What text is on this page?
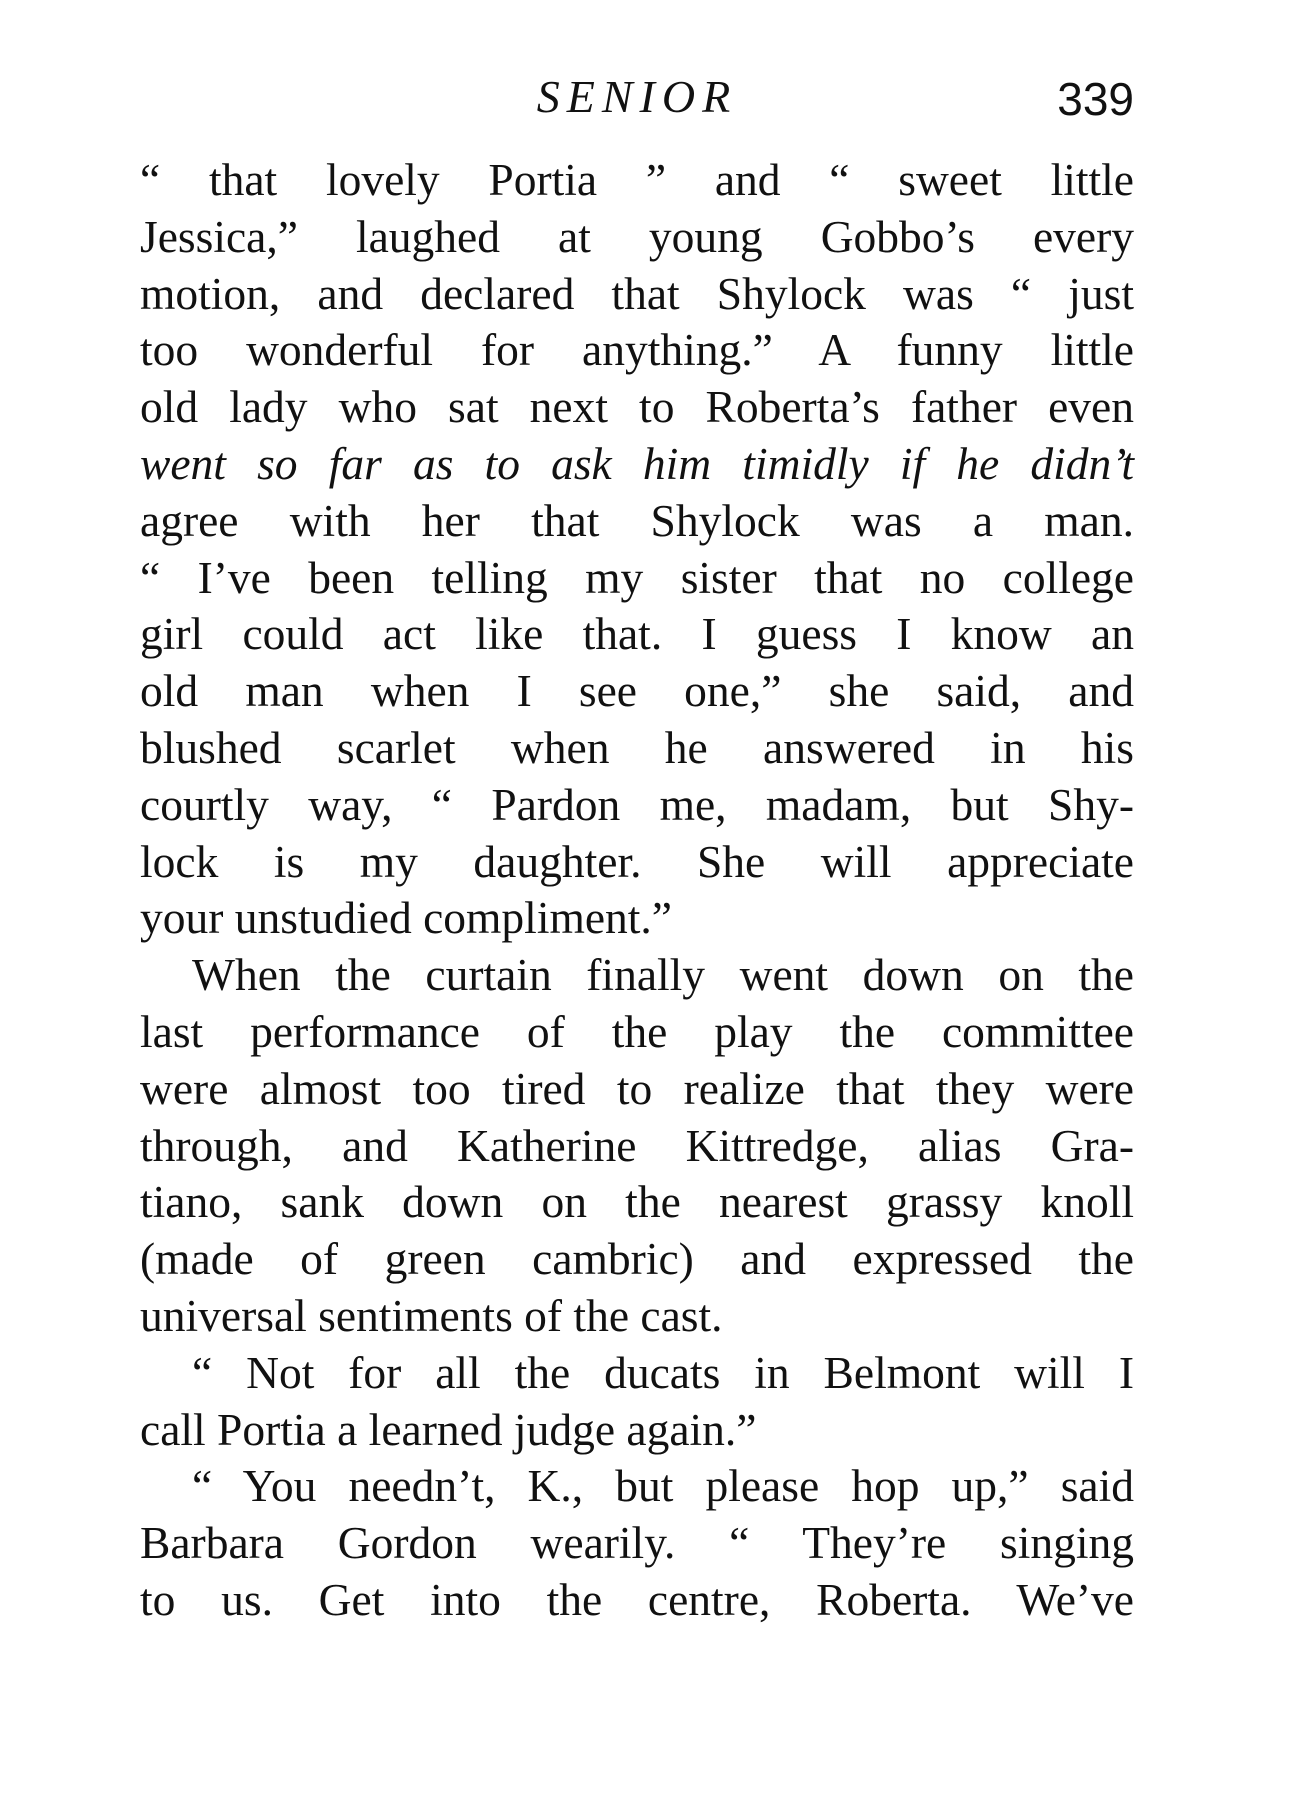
SENIOR	339
“ that lovely Portia ” and “ sweet little
Jessica,” laughed at young Gobbo’s every
motion, and declared that Shylock was “ just
too wonderful for anything.” A funny little
old lady who sat next to Roberta’s father even
went so far as to ask him timidly if he didn’t
agree with her that Shylock was a man.
“ I’ve been telling my sister that no college
girl could act like that. I guess I know an
old man when I see one,” she said, and
blushed scarlet when he answered in his
courtly way, “ Pardon me, madam, but Shy-
lock is my daughter. She will appreciate
your unstudied compliment.”
When the curtain finally went down on the
last performance of the play the committee
were almost too tired to realize that they were
through, and Katherine Kittredge, alias Gra-
tiano, sank down on the nearest grassy knoll
(made of green cambric) and expressed the
universal sentiments of the cast.
“ Not for all the ducats in Belmont will I
call Portia a learned judge again.”
“ You needn’t, K., but please hop up,” said
Barbara Gordon wearily. “ They’re singing
to us. Get into the centre, Roberta. We’ve
